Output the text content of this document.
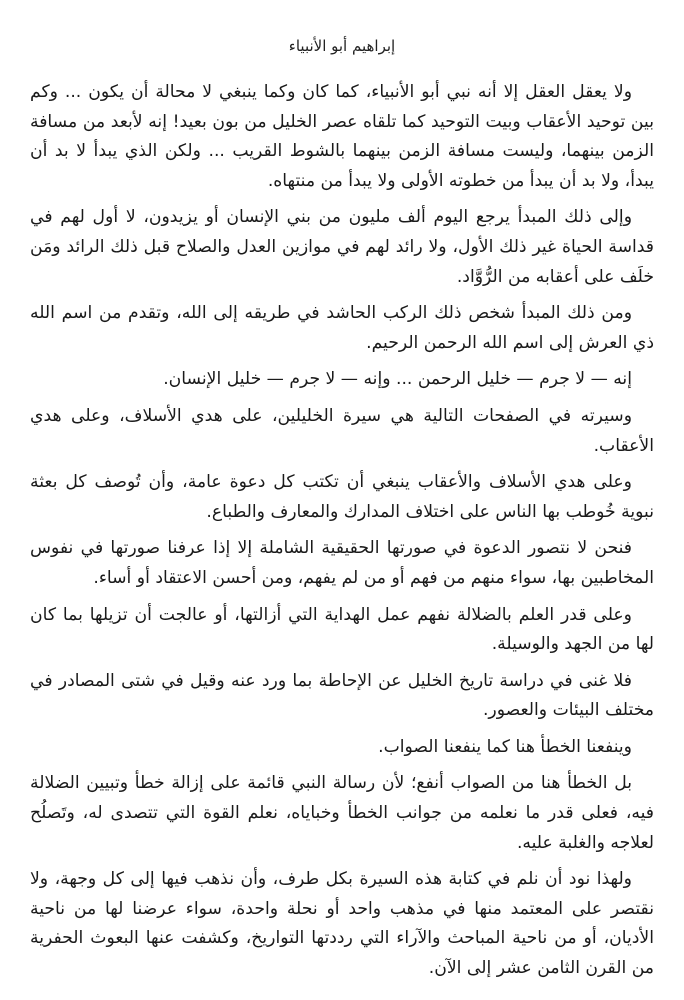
إبراهيم أبو الأنبياء

ولا يعقل العقل إلا أنه نبي أبو الأنبياء، كما كان وكما ينبغي لا محالة أن يكون ... وكم بين توحيد الأعقاب وبيت التوحيد كما تلقاه عصر الخليل من بون بعيد! إنه لأبعد من مسافة الزمن بينهما، وليست مسافة الزمن بينهما بالشوط القريب ... ولكن الذي يبدأ لا بد أن يبدأ، ولا بد أن يبدأ من خطوته الأولى ولا يبدأ من منتهاه.

وإلى ذلك المبدأ يرجع اليوم ألف مليون من بني الإنسان أو يزيدون، لا أول لهم في قداسة الحياة غير ذلك الأول، ولا رائد لهم في موازين العدل والصلاح قبل ذلك الرائد ومَن خلَف على أعقابه من الرُّوَّاد.

ومن ذلك المبدأ شخص ذلك الركب الحاشد في طريقه إلى الله، وتقدم من اسم الله ذي العرش إلى اسم الله الرحمن الرحيم.

إنه — لا جرم — خليل الرحمن ... وإنه — لا جرم — خليل الإنسان.

وسيرته في الصفحات التالية هي سيرة الخليلين، على هدي الأسلاف، وعلى هدي الأعقاب.

وعلى هدي الأسلاف والأعقاب ينبغي أن تكتب كل دعوة عامة، وأن تُوصف كل بعثة نبوية خُوطب بها الناس على اختلاف المدارك والمعارف والطباع.

فنحن لا نتصور الدعوة في صورتها الحقيقية الشاملة إلا إذا عرفنا صورتها في نفوس المخاطبين بها، سواء منهم من فهم أو من لم يفهم، ومن أحسن الاعتقاد أو أساء.

وعلى قدر العلم بالضلالة نفهم عمل الهداية التي أزالتها، أو عالجت أن تزيلها بما كان لها من الجهد والوسيلة.

فلا غنى في دراسة تاريخ الخليل عن الإحاطة بما ورد عنه وقيل في شتى المصادر في مختلف البيئات والعصور.

وينفعنا الخطأ هنا كما ينفعنا الصواب.

بل الخطأ هنا من الصواب أنفع؛ لأن رسالة النبي قائمة على إزالة خطأ وتبيين الضلالة فيه، فعلى قدر ما نعلمه من جوانب الخطأ وخباياه، نعلم القوة التي تتصدى له، وتَصلُح لعلاجه والغلبة عليه.

ولهذا نود أن نلم في كتابة هذه السيرة بكل طرف، وأن نذهب فيها إلى كل وجهة، ولا نقتصر على المعتمد منها في مذهب واحد أو نحلة واحدة، سواء عرضنا لها من ناحية الأديان، أو من ناحية المباحث والآراء التي رددتها التواريخ، وكشفت عنها البعوث الحفرية من القرن الثامن عشر إلى الآن.
